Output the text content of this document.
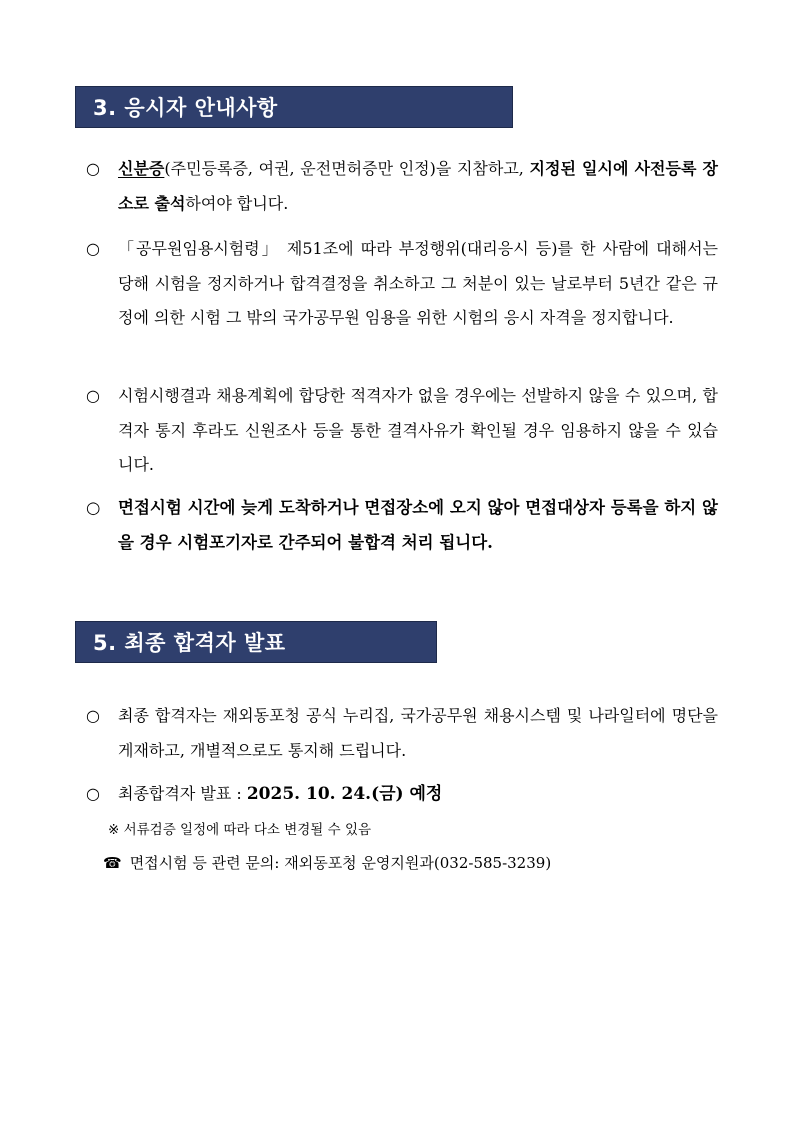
3. 응시자 안내사항
○	신분증(주민등록증, 여권, 운전면허증만 인정)을 지참하고, 지정된 일시에 사전등록 장소로 출석하여야 합니다.
○	「공무원임용시험령」 제51조에 따라 부정행위(대리응시 등)를 한 사람에 대해서는 당해 시험을 정지하거나 합격결정을 취소하고 그 처분이 있는 날로부터 5년간 같은 규정에 의한 시험 그 밖의 국가공무원 임용을 위한 시험의 응시 자격을 정지합니다.
○	시험시행결과 채용계획에 합당한 적격자가 없을 경우에는 선발하지 않을 수 있으며, 합격자 통지 후라도 신원조사 등을 통한 결격사유가 확인될 경우 임용하지 않을 수 있습니다.
○	면접시험 시간에 늦게 도착하거나 면접장소에 오지 않아 면접대상자 등록을 하지 않을 경우 시험포기자로 간주되어 불합격 처리 됩니다.
5. 최종 합격자 발표
○	최종 합격자는 재외동포청 공식 누리집, 국가공무원 채용시스템 및 나라일터에 명단을 게재하고, 개별적으로도 통지해 드립니다.
○	최종합격자 발표 : 2025. 10. 24.(금) 예정
※ 서류검증 일정에 따라 다소 변경될 수 있음
☎ 면접시험 등 관련 문의: 재외동포청 운영지원과(032-585-3239)
